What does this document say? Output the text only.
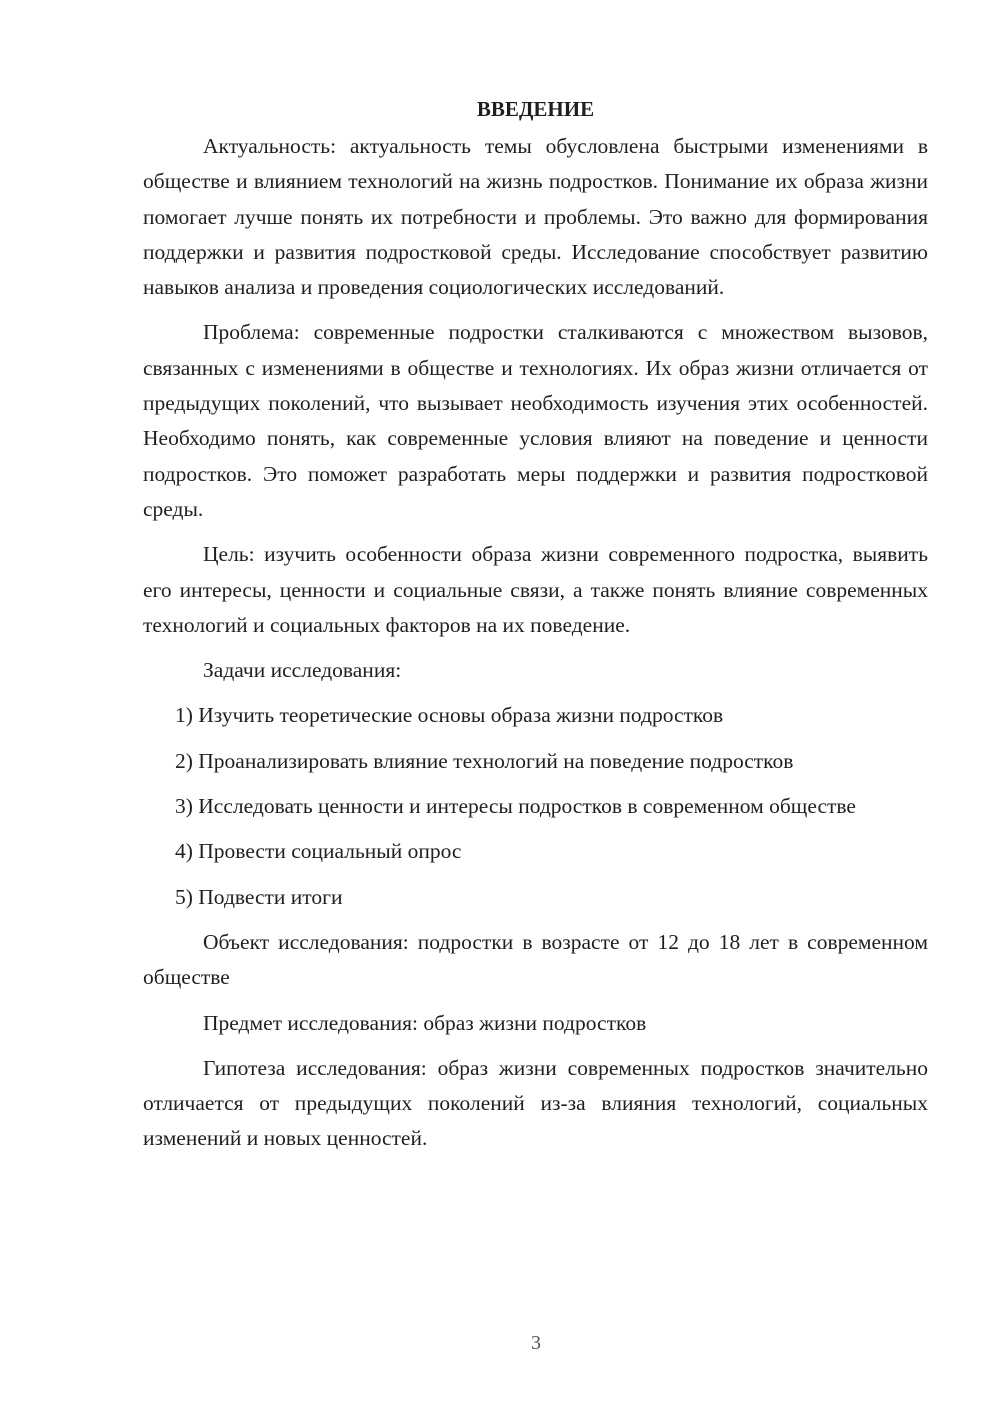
ВВЕДЕНИЕ

Актуальность: актуальность темы обусловлена быстрыми изменениями в обществе и влиянием технологий на жизнь подростков. Понимание их образа жизни помогает лучше понять их потребности и проблемы. Это важно для формирования поддержки и развития подростковой среды. Исследование способствует развитию навыков анализа и проведения социологических исследований.

Проблема: современные подростки сталкиваются с множеством вызовов, связанных с изменениями в обществе и технологиях. Их образ жизни отличается от предыдущих поколений, что вызывает необходимость изучения этих особенностей. Необходимо понять, как современные условия влияют на поведение и ценности подростков. Это поможет разработать меры поддержки и развития подростковой среды.

Цель: изучить особенности образа жизни современного подростка, выявить его интересы, ценности и социальные связи, а также понять влияние современных технологий и социальных факторов на их поведение.

Задачи исследования:

1) Изучить теоретические основы образа жизни подростков

2) Проанализировать влияние технологий на поведение подростков

3) Исследовать ценности и интересы подростков в современном обществе

4) Провести социальный опрос

5) Подвести итоги

Объект исследования: подростки в возрасте от 12 до 18 лет в современном обществе

Предмет исследования: образ жизни подростков

Гипотеза исследования: образ жизни современных подростков значительно отличается от предыдущих поколений из-за влияния технологий, социальных изменений и новых ценностей.

3
